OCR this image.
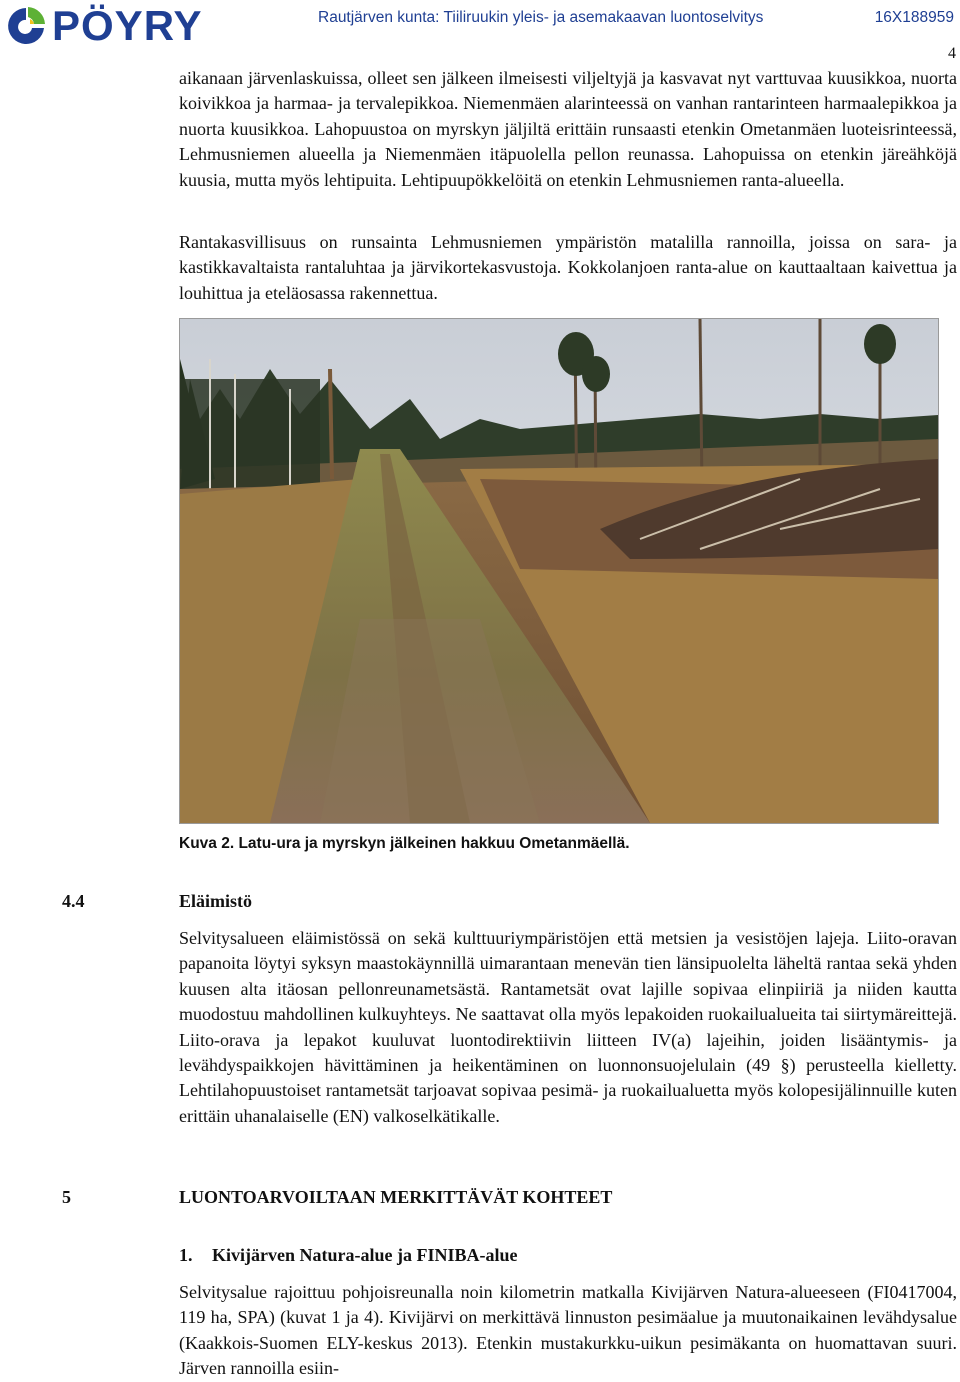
PÖYRY	Rautjärven kunta: Tiiliruukin yleis- ja asemakaavan luontoselvitys	16X188959
4

aikanaan järvenlaskuissa, olleet sen jälkeen ilmeisesti viljeltyjä ja kasvavat nyt varttuvaa kuusikkoa, nuorta koivikkoa ja harmaa- ja tervalepikkoa. Niemenmäen alarinteessä on vanhan rantarinteen harmaalepikkoa ja nuorta kuusikkoa. Lahopuustoa on myrskyn jäljiltä erittäin runsaasti etenkin Ometanmäen luoteisrinteessä, Lehmusniemen alueella ja Niemenmäen itäpuolella pellon reunassa. Lahopuissa on etenkin järeähköjä kuusia, mutta myös lehtipuita. Lehtipuupökkelöitä on etenkin Lehmusniemen ranta-alueella.

Rantakasvillisuus on runsainta Lehmusniemen ympäristön matalilla rannoilla, joissa on sara- ja kastikkavaltaista rantaluhtaa ja järvikortekasvustoja. Kokkolanjoen ranta-alue on kauttaaltaan kaivettua ja louhittua ja eteläosassa rakennettua.

Kuva 2. Latu-ura ja myrskyn jälkeinen hakkuu Ometanmäellä.
4.4	Eläimistö

Selvitysalueen eläimistössä on sekä kulttuuriympäristöjen että metsien ja vesistöjen lajeja. Liito-oravan papanoita löytyi syksyn maastokäynnillä uimarantaan menevän tien länsipuolelta läheltä rantaa sekä yhden kuusen alta itäosan pellonreunametsästä. Rantametsät ovat lajille sopivaa elinpiiriä ja niiden kautta muodostuu mahdollinen kulkuyhteys. Ne saattavat olla myös lepakoiden ruokailualueita tai siirtymäreittejä. Liito-orava ja lepakot kuuluvat luontodirektiivin liitteen IV(a) lajeihin, joiden lisääntymis- ja levähdyspaikkojen hävittäminen ja heikentäminen on luonnonsuojelulain (49 §) perusteella kielletty. Lehtilahopuustoiset rantametsät tarjoavat sopivaa pesimä- ja ruokailualuetta myös kolopesijälinnuille kuten erittäin uhanalaiselle (EN) valkoselkätikalle.

5	LUONTOARVOILTAAN MERKITTÄVÄT KOHTEET
1. Kivijärven Natura-alue ja FINIBA-alue

Selvitysalue rajoittuu pohjoisreunalla noin kilometrin matkalla Kivijärven Natura-alueeseen (FI0417004, 119 ha, SPA) (kuvat 1 ja 4). Kivijärvi on merkittävä linnuston pesimäalue ja muutonaikainen levähdysalue (Kaakkois-Suomen ELY-keskus 2013). Etenkin mustakurkku-uikun pesimäkanta on huomattavan suuri. Järven rannoilla esiin-
